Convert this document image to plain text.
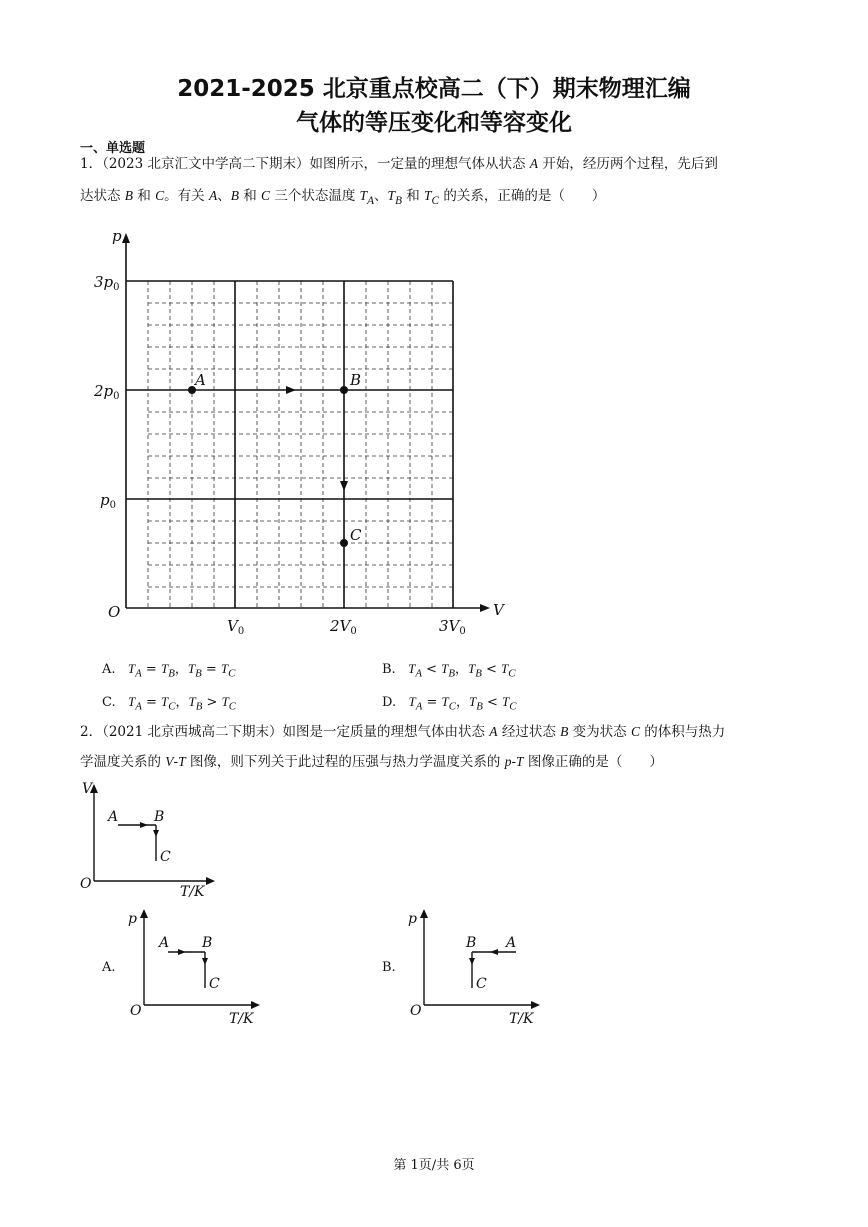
2021-2025 北京重点校高二（下）期末物理汇编
气体的等压变化和等容变化
一、单选题
1．（2023 北京汇文中学高二下期末）如图所示，一定量的理想气体从状态 A 开始，经历两个过程，先后到
达状态 B 和 C。有关 A、B 和 C 三个状态温度 $T_A$、$T_B$ 和 $T_C$ 的关系，正确的是（　　）
p
V
O
A	B
C
$3p_0$
$2p_0$
$p_0$
$V_0$	$2V_0$	$3V_0$
A.   $T_A = T_B$，$T_B = T_C$	B.   $T_A < T_B$，$T_B < T_C$
C.   $T_A = T_C$，$T_B > T_C$	D.   $T_A = T_C$，$T_B < T_C$
2．（2021 北京西城高二下期末）如图是一定质量的理想气体由状态 A 经过状态 B 变为状态 C 的体积与热力
学温度关系的 V-T 图像，则下列关于此过程的压强与热力学温度关系的 p-T 图像正确的是（　　）
V
O
A	B
C
T/K
A.
p
O
A B
C
T/K
B.
p
O
B A
C
T/K
第 1页/共 6页
